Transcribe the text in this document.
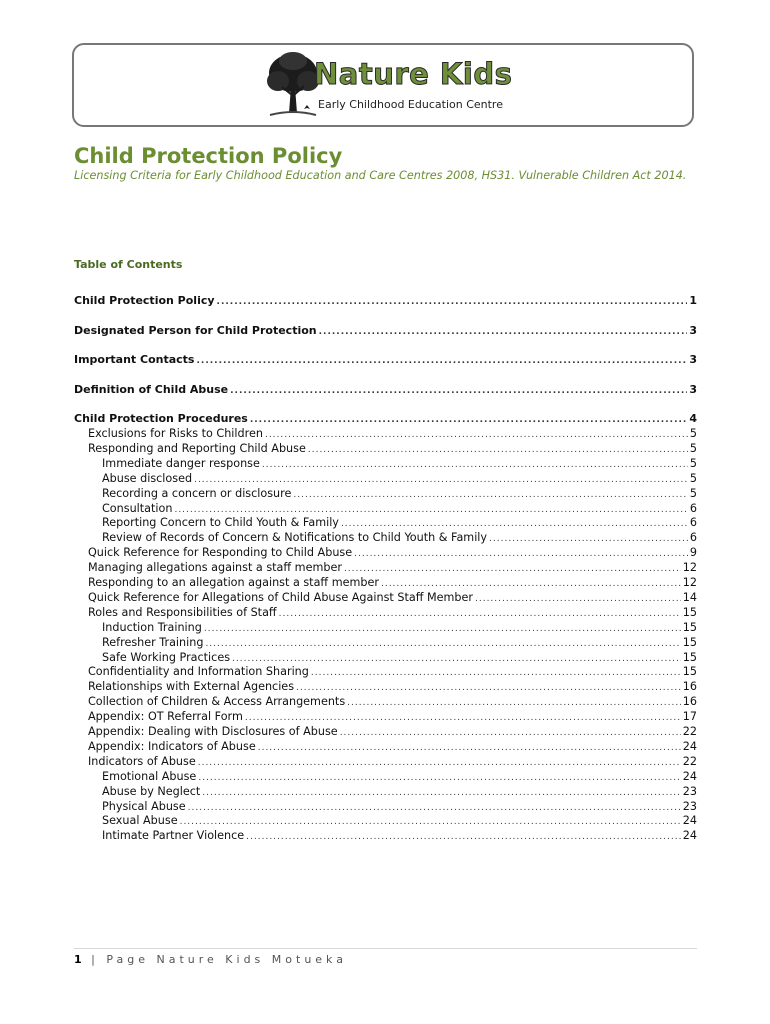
Nature Kids
Early Childhood Education Centre
Child Protection Policy

Licensing Criteria for Early Childhood Education and Care Centres 2008, HS31. Vulnerable Children Act 2014.

Table of Contents
Child Protection Policy .....	1
Designated Person for Child Protection .....	3
Important Contacts .....	3
Definition of Child Abuse .....	3
Child Protection Procedures .....	4
Exclusions for Risks to Children .....	5
Responding and Reporting Child Abuse .....	5
Immediate danger response .....	5
Abuse disclosed .....	5
Recording a concern or disclosure .....	5
Consultation .....	6
Reporting Concern to Child Youth & Family .....	6
Review of Records of Concern & Notifications to Child Youth & Family .....	6
Quick Reference for Responding to Child Abuse .....	9
Managing allegations against a staff member .....	12
Responding to an allegation against a staff member .....	12
Quick Reference for Allegations of Child Abuse Against Staff Member .....	14
Roles and Responsibilities of Staff .....	15
Induction Training .....	15
Refresher Training .....	15
Safe Working Practices .....	15
Confidentiality and Information Sharing .....	15
Relationships with External Agencies .....	16
Collection of Children & Access Arrangements .....	16
Appendix: OT Referral Form .....	17
Appendix: Dealing with Disclosures of Abuse .....	22
Appendix: Indicators of Abuse .....	24
Indicators of Abuse .....	22
Emotional Abuse .....	24
Abuse by Neglect .....	23
Physical Abuse .....	23
Sexual Abuse .....	24
Intimate Partner Violence .....	24
1 | Page Nature Kids Motueka
